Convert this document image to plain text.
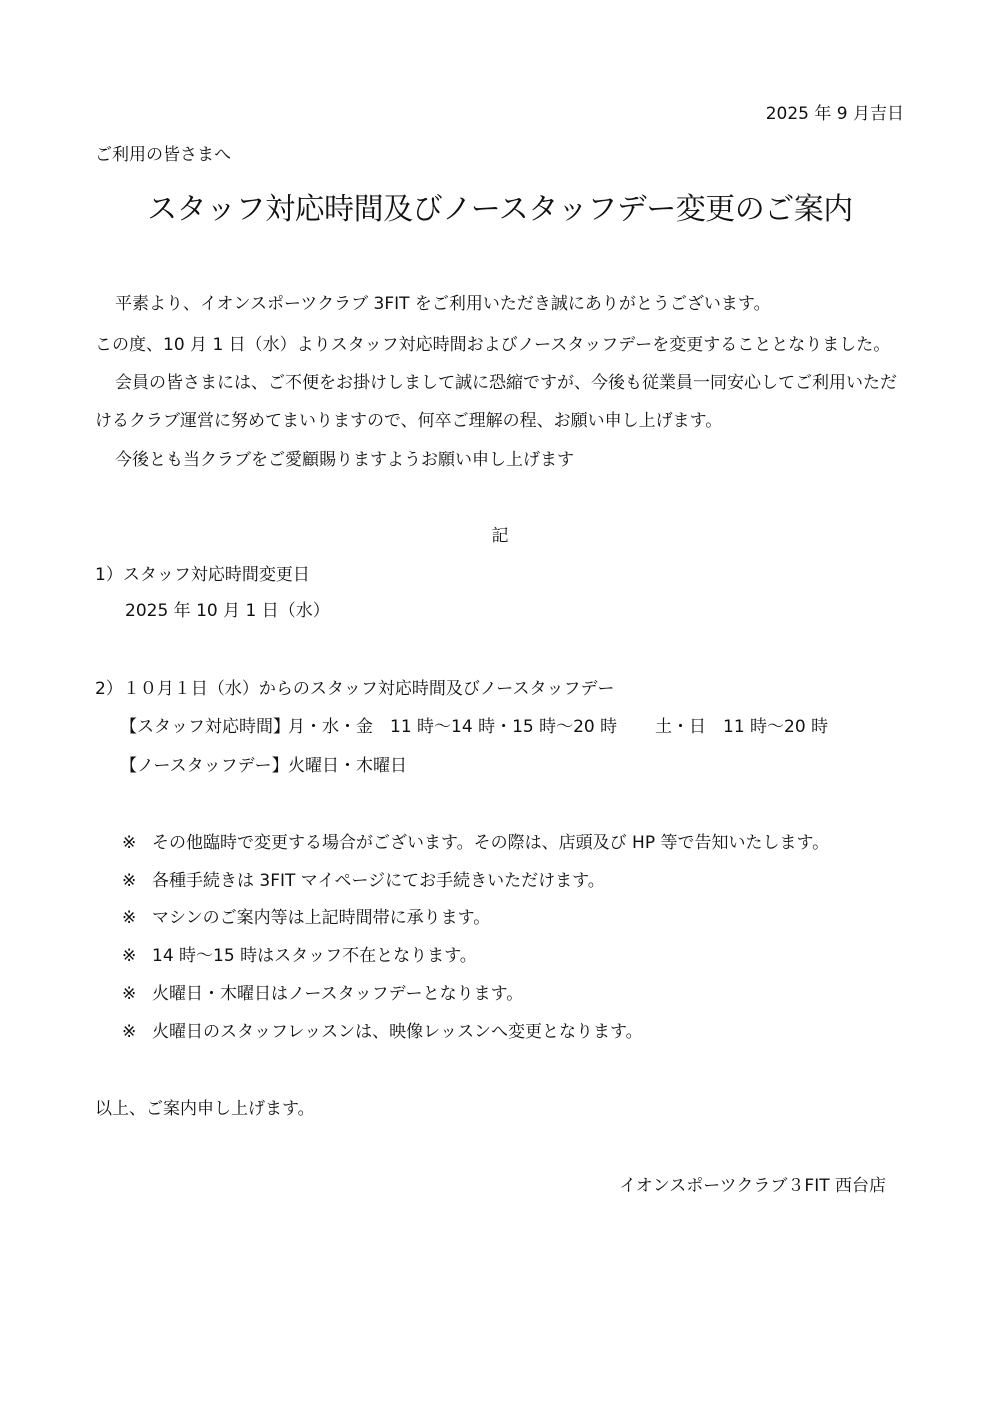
2025 年 9 月吉日
ご利用の皆さまへ
スタッフ対応時間及びノースタッフデー変更のご案内
平素より、イオンスポーツクラブ 3FIT をご利用いただき誠にありがとうございます。
この度、10 月 1 日（水）よりスタッフ対応時間およびノースタッフデーを変更することとなりました。
会員の皆さまには、ご不便をお掛けしまして誠に恐縮ですが、今後も従業員一同安心してご利用いただ
けるクラブ運営に努めてまいりますので、何卒ご理解の程、お願い申し上げます。
今後とも当クラブをご愛顧賜りますようお願い申し上げます
記
1）スタッフ対応時間変更日
2025 年 10 月 1 日（水）
2）１０月１日（水）からのスタッフ対応時間及びノースタッフデー
【スタッフ対応時間】
月・水・金　11 時～14 時・15 時～20 時 土・日　11 時～20 時
【ノースタッフデー】 火曜日・木曜日
※ その他臨時で変更する場合がございます。その際は、店頭及び HP 等で告知いたします。
※ 各種手続きは 3FIT マイページにてお手続きいただけます。
※ マシンのご案内等は上記時間帯に承ります。
※ 14 時～15 時はスタッフ不在となります。
※ 火曜日・木曜日はノースタッフデーとなります。
※ 火曜日のスタッフレッスンは、映像レッスンへ変更となります。
以上、ご案内申し上げます。
イオンスポーツクラブ３FIT 西台店
